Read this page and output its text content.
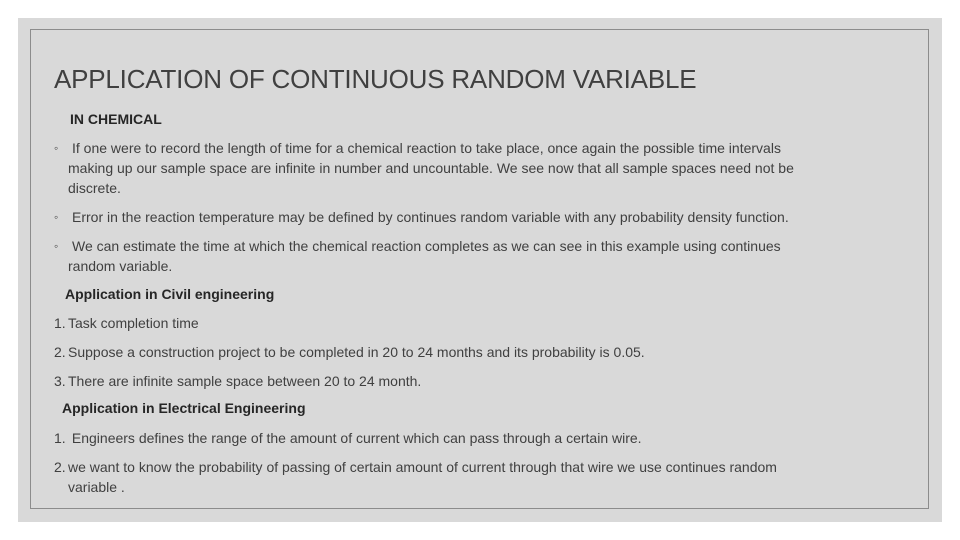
APPLICATION OF CONTINUOUS RANDOM VARIABLE
IN CHEMICAL
◦ If one were to record the length of time for a chemical reaction to take place, once again the possible time intervals
making up our sample space are infinite in number and uncountable. We see now that all sample spaces need not be
discrete.
◦ Error in the reaction temperature may be defined by continues random variable with any probability density function.
◦ We can estimate the time at which the chemical reaction completes as we can see in this example using continues
random variable.
Application in Civil engineering
1. Task completion time
2. Suppose a construction project to be completed in 20 to 24 months and its probability is 0.05.
3. There are infinite sample space between 20 to 24 month.
Application in Electrical Engineering
1. Engineers defines the range of the amount of current which can pass through a certain wire.
2. we want to know the probability of passing of certain amount of current through that wire we use continues random
variable .
